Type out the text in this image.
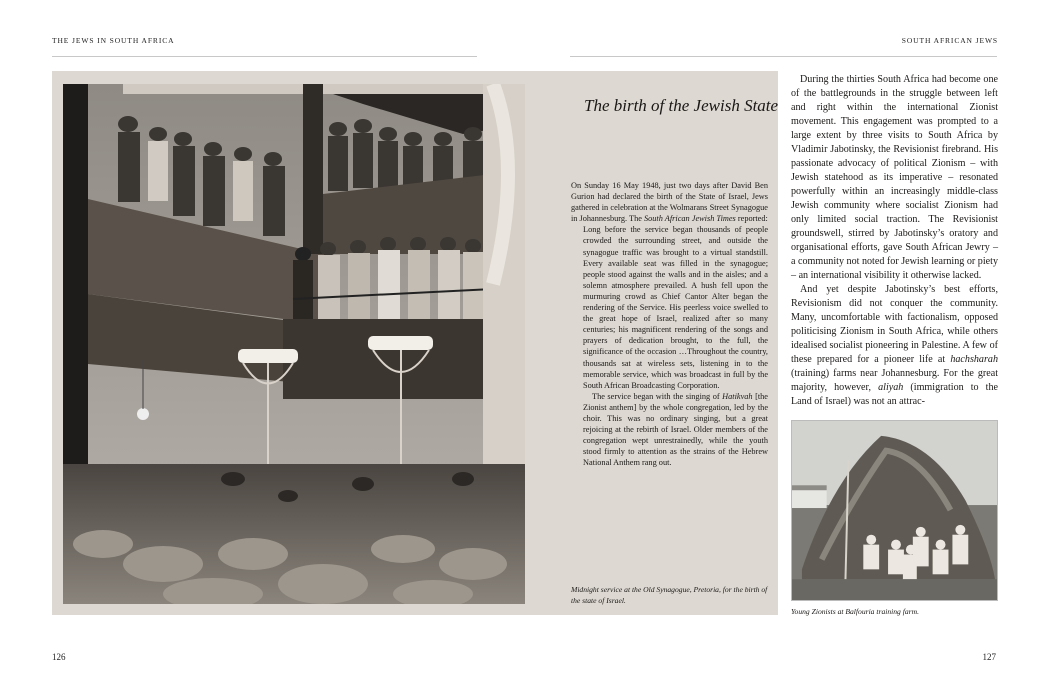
THE JEWS IN SOUTH AFRICA	SOUTH AFRICAN JEWS
The birth of the Jewish State

On Sunday 16 May 1948, just two days after David Ben Gurion had declared the birth of the State of Israel, Jews gathered in celebration at the Wolmarans Street Synagogue in Johannesburg. The South African Jewish Times reported:

Long before the service began thousands of people crowded the surrounding street, and outside the synagogue traffic was brought to a virtual standstill. Every available seat was filled in the synagogue; people stood against the walls and in the aisles; and a solemn atmosphere prevailed. A hush fell upon the murmuring crowd as Chief Cantor Alter began the rendering of the Service. His peerless voice swelled to the great hope of Israel, realized after so many centuries; his magnificent rendering of the songs and prayers of dedication brought, to the full, the significance of the occasion …Throughout the country, thousands sat at wireless sets, listening in to the memorable service, which was broadcast in full by the South African Broadcasting Corporation.

The service began with the singing of Hatikvah [the Zionist anthem] by the whole congregation, led by the choir. This was no ordinary singing, but a great rejoicing at the rebirth of Israel. Older members of the congregation wept unrestrainedly, while the youth stood firmly to attention as the strains of the Hebrew National Anthem rang out.

Midnight service at the Old Synagogue, Pretoria, for the birth of the state of Israel.

During the thirties South Africa had become one of the battlegrounds in the struggle between left and right within the international Zionist movement. This engagement was prompted to a large extent by three visits to South Africa by Vladimir Jabotinsky, the Revisionist firebrand. His passionate advocacy of political Zionism – with Jewish statehood as its imperative – resonated powerfully within an increasingly middle-class Jewish community where socialist Zionism had only limited social traction. The Revisionist groundswell, stirred by Jabotinsky’s oratory and organisational efforts, gave South African Jewry – a community not noted for Jewish learning or piety – an international visibility it otherwise lacked.

And yet despite Jabotinsky’s best efforts, Revisionism did not conquer the community. Many, uncomfortable with factionalism, opposed politicising Zionism in South Africa, while others idealised socialist pioneering in Palestine. A few of these prepared for a pioneer life at hachsharah (training) farms near Johannesburg. For the great majority, however, aliyah (immigration to the Land of Israel) was not an attrac-

Young Zionists at Balfouria training farm.
126	127
